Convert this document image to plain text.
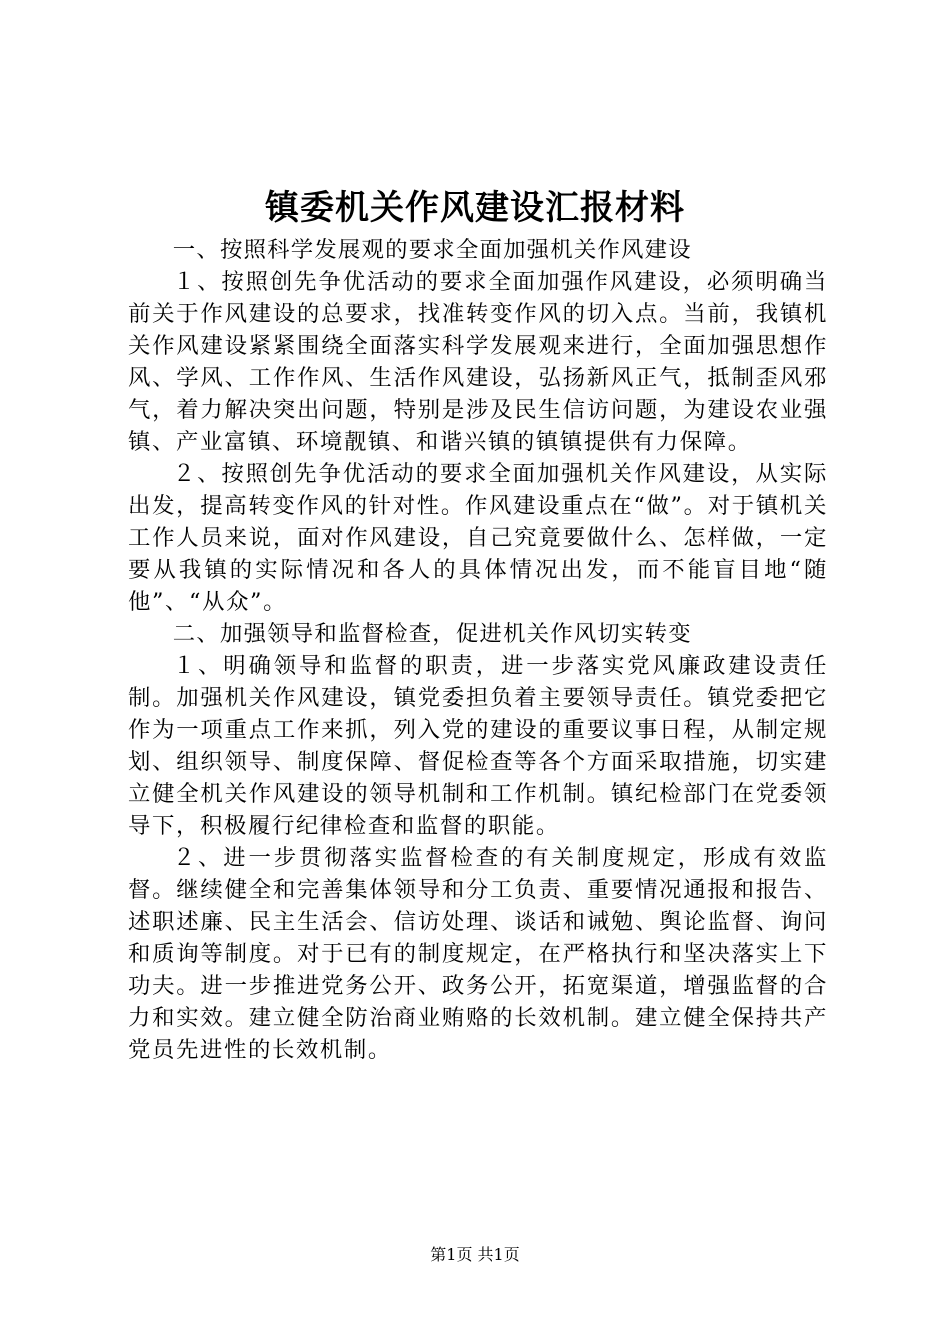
镇委机关作风建设汇报材料

一、按照科学发展观的要求全面加强机关作风建设

１、按照创先争优活动的要求全面加强作风建设，必须明确当前关于作风建设的总要求，找准转变作风的切入点。当前，我镇机关作风建设紧紧围绕全面落实科学发展观来进行，全面加强思想作风、学风、工作作风、生活作风建设，弘扬新风正气，抵制歪风邪气，着力解决突出问题，特别是涉及民生信访问题，为建设农业强镇、产业富镇、环境靓镇、和谐兴镇的镇镇提供有力保障。

２、按照创先争优活动的要求全面加强机关作风建设，从实际出发，提高转变作风的针对性。作风建设重点在“做”。对于镇机关工作人员来说，面对作风建设，自己究竟要做什么、怎样做，一定要从我镇的实际情况和各人的具体情况出发，而不能盲目地“随他”、“从众”。

二、加强领导和监督检查，促进机关作风切实转变

１、明确领导和监督的职责，进一步落实党风廉政建设责任制。加强机关作风建设，镇党委担负着主要领导责任。镇党委把它作为一项重点工作来抓，列入党的建设的重要议事日程，从制定规划、组织领导、制度保障、督促检查等各个方面采取措施，切实建立健全机关作风建设的领导机制和工作机制。镇纪检部门在党委领导下，积极履行纪律检查和监督的职能。

２、进一步贯彻落实监督检查的有关制度规定，形成有效监督。继续健全和完善集体领导和分工负责、重要情况通报和报告、述职述廉、民主生活会、信访处理、谈话和诫勉、舆论监督、询问和质询等制度。对于已有的制度规定，在严格执行和坚决落实上下功夫。进一步推进党务公开、政务公开，拓宽渠道，增强监督的合力和实效。建立健全防治商业贿赂的长效机制。建立健全保持共产党员先进性的长效机制。

第1页 共1页
